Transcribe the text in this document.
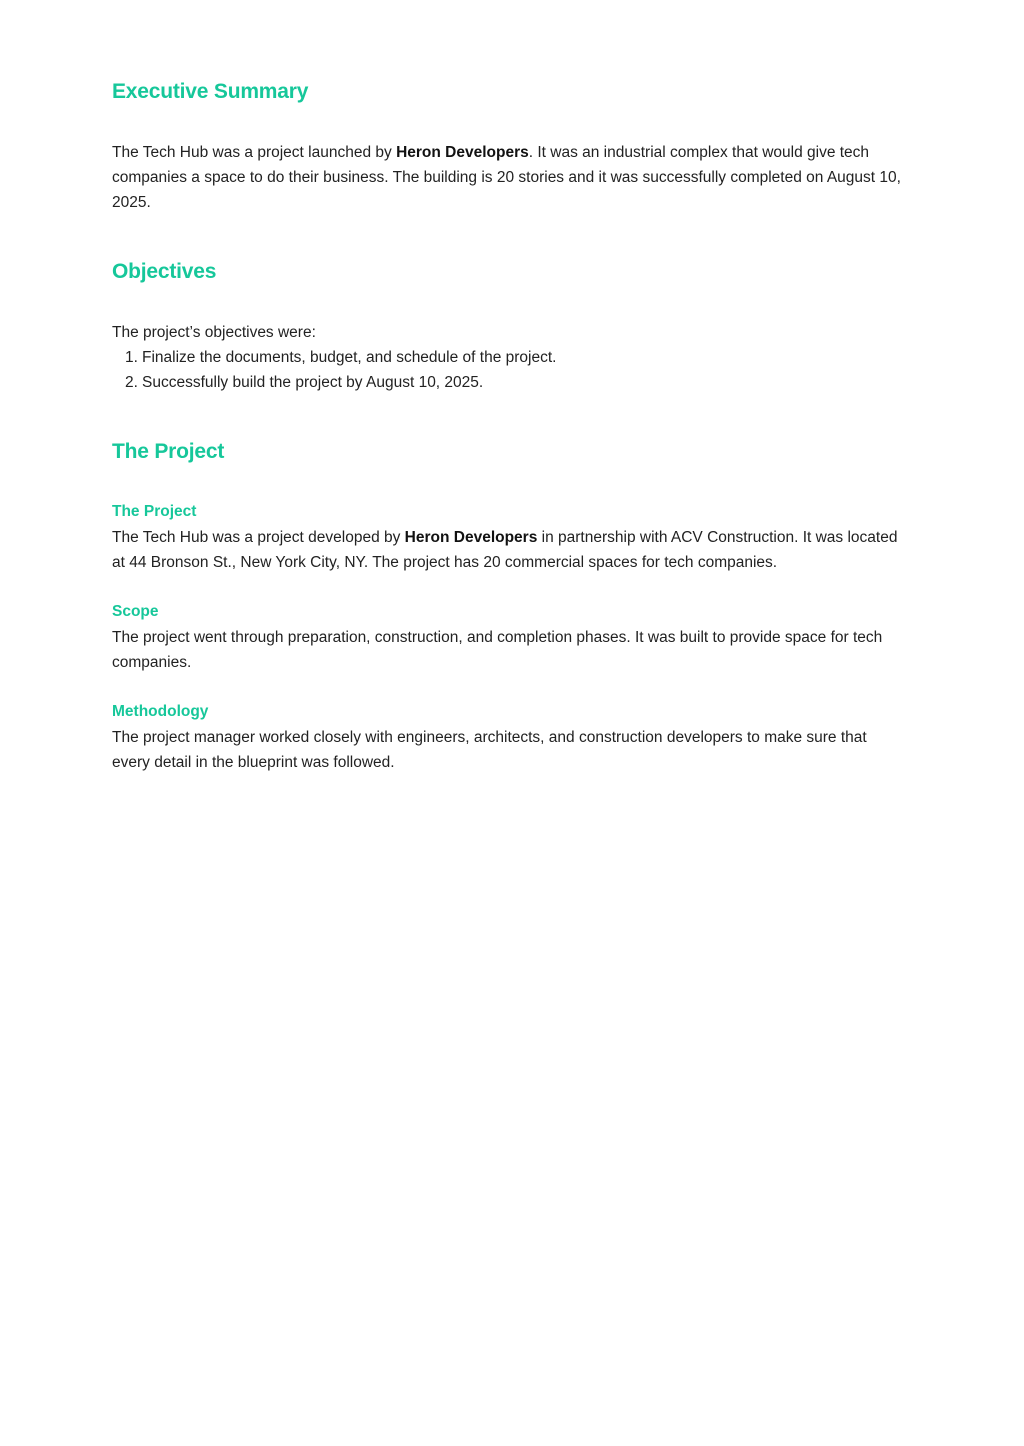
Executive Summary

The Tech Hub was a project launched by Heron Developers. It was an industrial complex that would give tech companies a space to do their business. The building is 20 stories and it was successfully completed on August 10, 2025.

Objectives

The project’s objectives were:

1. Finalize the documents, budget, and schedule of the project.
2. Successfully build the project by August 10, 2025.
The Project
The Project

The Tech Hub was a project developed by Heron Developers in partnership with ACV Construction. It was located at 44 Bronson St., New York City, NY. The project has 20 commercial spaces for tech companies.

Scope

The project went through preparation, construction, and completion phases. It was built to provide space for tech companies.

Methodology

The project manager worked closely with engineers, architects, and construction developers to make sure that every detail in the blueprint was followed.
